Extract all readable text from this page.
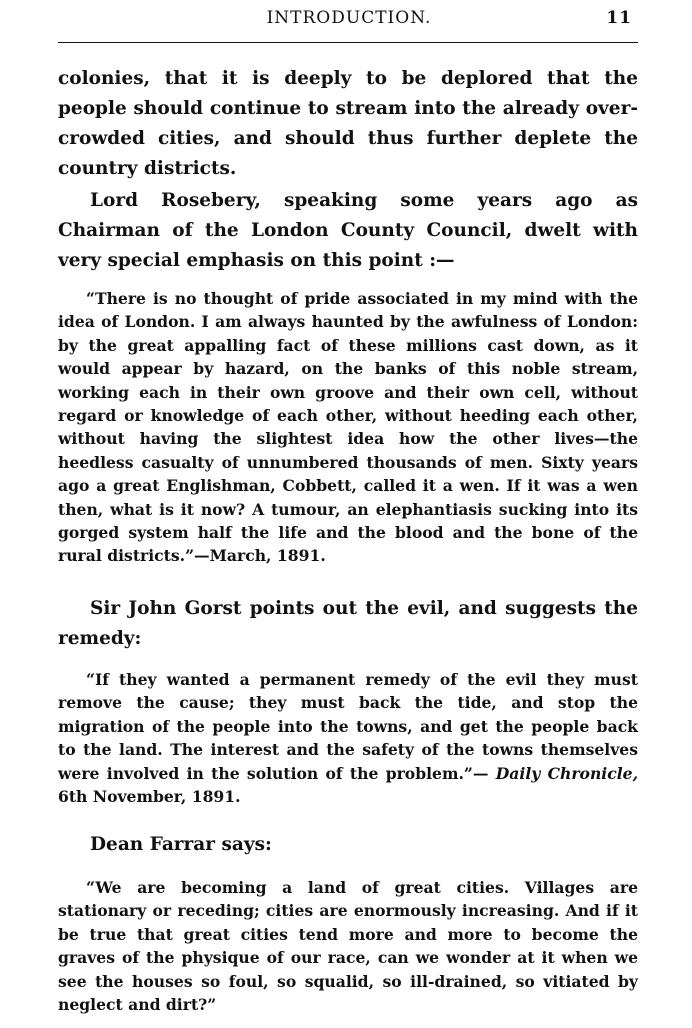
INTRODUCTION.	11

colonies, that it is deeply to be deplored that the people should continue to stream into the already over-crowded cities, and should thus further deplete the country districts.

Lord Rosebery, speaking some years ago as Chairman of the London County Council, dwelt with very special emphasis on this point :—

“There is no thought of pride associated in my mind with the idea of London. I am always haunted by the awfulness of London: by the great appalling fact of these millions cast down, as it would appear by hazard, on the banks of this noble stream, working each in their own groove and their own cell, without regard or knowledge of each other, without heeding each other, without having the slightest idea how the other lives—the heedless casualty of unnumbered thousands of men. Sixty years ago a great Englishman, Cobbett, called it a wen. If it was a wen then, what is it now? A tumour, an elephantiasis sucking into its gorged system half the life and the blood and the bone of the rural districts.”—March, 1891.

Sir John Gorst points out the evil, and suggests the remedy:

“If they wanted a permanent remedy of the evil they must remove the cause; they must back the tide, and stop the migration of the people into the towns, and get the people back to the land. The interest and the safety of the towns themselves were involved in the solution of the problem.”— Daily Chronicle, 6th November, 1891.

Dean Farrar says:

“We are becoming a land of great cities. Villages are stationary or receding; cities are enormously increasing. And if it be true that great cities tend more and more to become the graves of the physique of our race, can we wonder at it when we see the houses so foul, so squalid, so ill-drained, so vitiated by neglect and dirt?”
